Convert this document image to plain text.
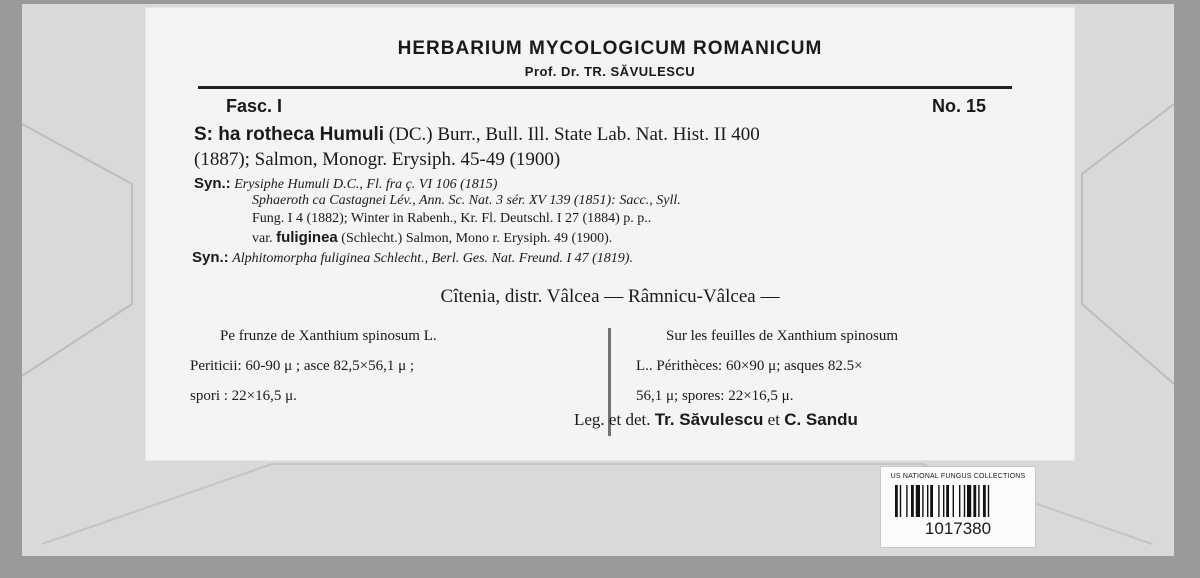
HERBARIUM MYCOLOGICUM ROMANICUM
Prof. Dr. TR. SĂVULESCU
Fasc. I	No. 15
S: ha rotheca Humuli (DC.) Burr., Bull. Ill. State Lab. Nat. Hist. II 400
(1887); Salmon, Monogr. Erysiph. 45-49 (1900)
Syn.: Erysiphe Humuli D.C., Fl. fra ç. VI 106 (1815)
Sphaeroth ca Castagnei Lév., Ann. Sc. Nat. 3 sér. XV 139 (1851): Sacc., Syll.
Fung. I 4 (1882); Winter in Rabenh., Kr. Fl. Deutschl. I 27 (1884) p. p..
var. fuliginea (Schlecht.) Salmon, Mono r. Erysiph. 49 (1900).
Syn.: Alphitomorpha fuliginea Schlecht., Berl. Ges. Nat. Freund. I 47 (1819).
Cîtenia, distr. Vâlcea — Râmnicu-Vâlcea —
Pe frunze de Xanthium spinosum L.
Periticii: 60-90 μ ; asce 82,5×56,1 μ ;
spori : 22×16,5 μ.
Sur les feuilles de Xanthium spinosum
L.. Périthèces: 60×90 μ; asques 82.5×
56,1 μ; spores: 22×16,5 μ.
Leg. et det. Tr. Săvulescu et C. Sandu
US NATIONAL FUNGUS COLLECTIONS
1017380
